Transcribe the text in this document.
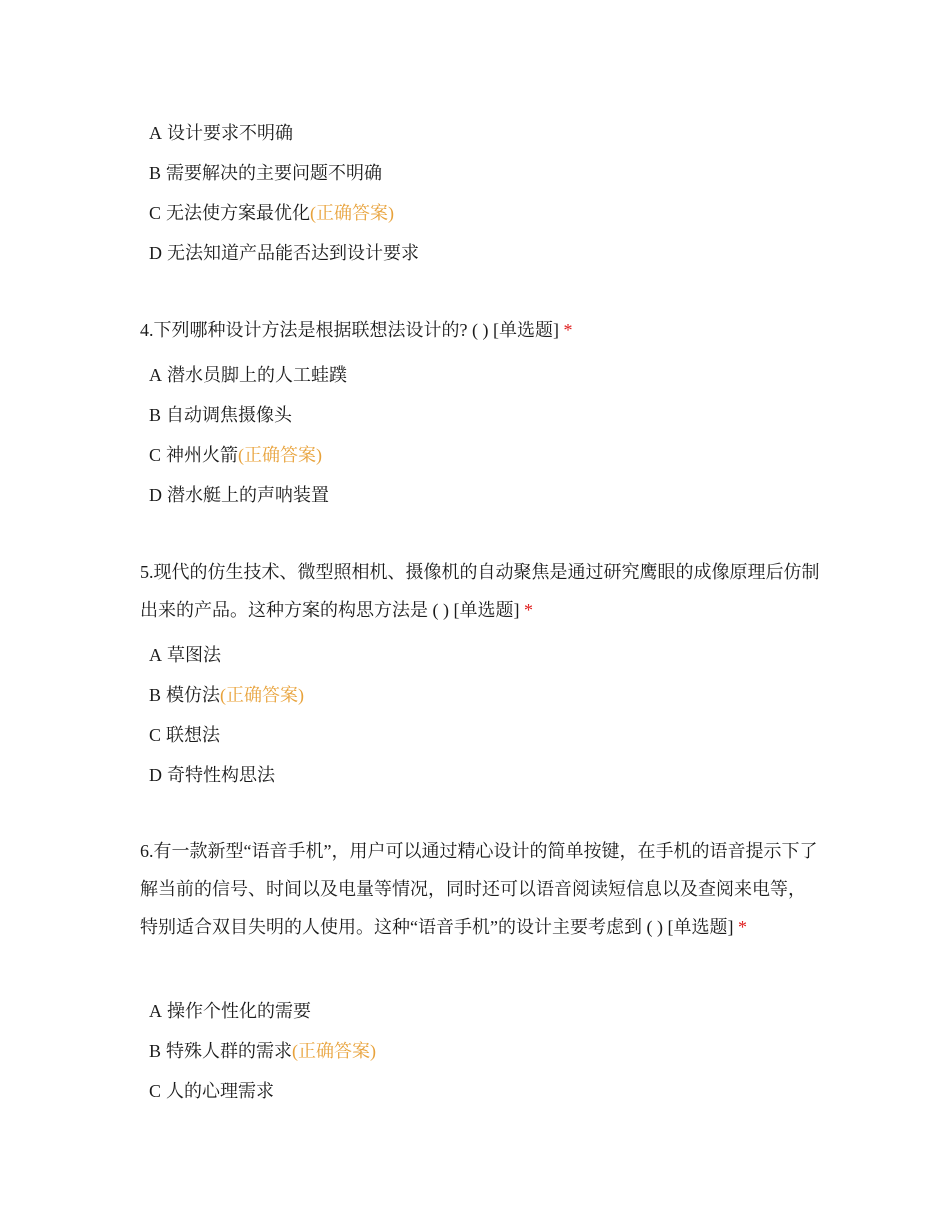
A 设计要求不明确
B 需要解决的主要问题不明确
C 无法使方案最优化(正确答案)
D 无法知道产品能否达到设计要求
4.下列哪种设计方法是根据联想法设计的? ( ) [单选题] *
A 潜水员脚上的人工蛙蹼
B 自动调焦摄像头
C 神州火箭(正确答案)
D 潜水艇上的声呐装置
5.现代的仿生技术、微型照相机、摄像机的自动聚焦是通过研究鹰眼的成像原理后仿制出来的产品。这种方案的构思方法是 ( ) [单选题] *
A 草图法
B 模仿法(正确答案)
C 联想法
D 奇特性构思法
6.有一款新型“语音手机”，用户可以通过精心设计的简单按键，在手机的语音提示下了解当前的信号、时间以及电量等情况，同时还可以语音阅读短信息以及查阅来电等，特别适合双目失明的人使用。这种“语音手机”的设计主要考虑到 ( ) [单选题] *
A 操作个性化的需要
B 特殊人群的需求(正确答案)
C 人的心理需求
